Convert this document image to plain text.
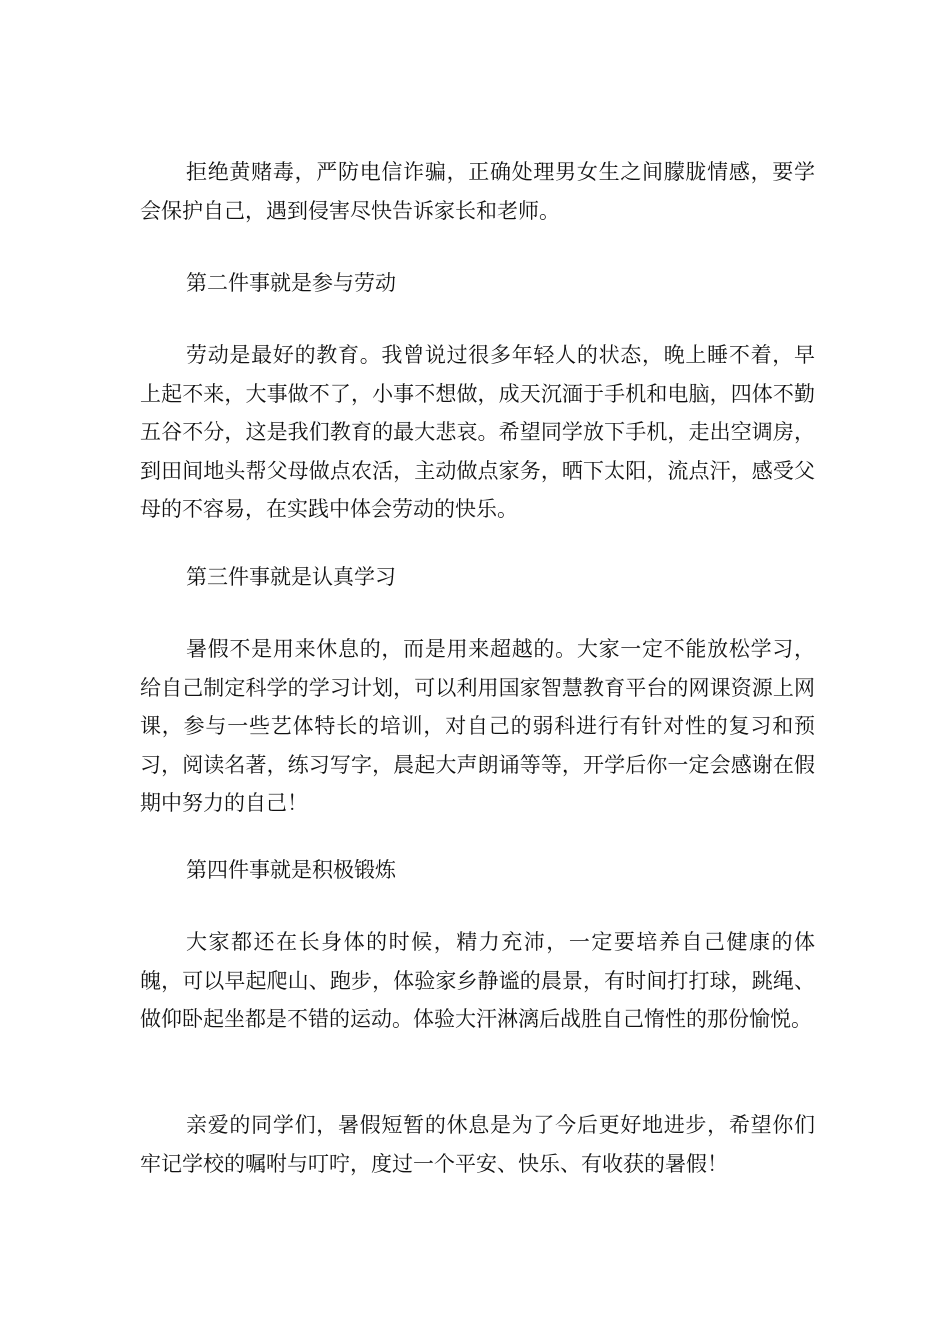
拒绝黄赌毒，严防电信诈骗，正确处理男女生之间朦胧情感，要学会保护自己，遇到侵害尽快告诉家长和老师。

第二件事就是参与劳动

劳动是最好的教育。我曾说过很多年轻人的状态，晚上睡不着，早上起不来，大事做不了，小事不想做，成天沉湎于手机和电脑，四体不勤五谷不分，这是我们教育的最大悲哀。希望同学放下手机，走出空调房，到田间地头帮父母做点农活，主动做点家务，晒下太阳，流点汗，感受父母的不容易，在实践中体会劳动的快乐。

第三件事就是认真学习

暑假不是用来休息的，而是用来超越的。大家一定不能放松学习，给自己制定科学的学习计划，可以利用国家智慧教育平台的网课资源上网课，参与一些艺体特长的培训，对自己的弱科进行有针对性的复习和预习，阅读名著，练习写字，晨起大声朗诵等等，开学后你一定会感谢在假期中努力的自己！

第四件事就是积极锻炼

大家都还在长身体的时候，精力充沛，一定要培养自己健康的体魄，可以早起爬山、跑步，体验家乡静谧的晨景，有时间打打球，跳绳、做仰卧起坐都是不错的运动。体验大汗淋漓后战胜自己惰性的那份愉悦。

亲爱的同学们，暑假短暂的休息是为了今后更好地进步，希望你们牢记学校的嘱咐与叮咛，度过一个平安、快乐、有收获的暑假！
